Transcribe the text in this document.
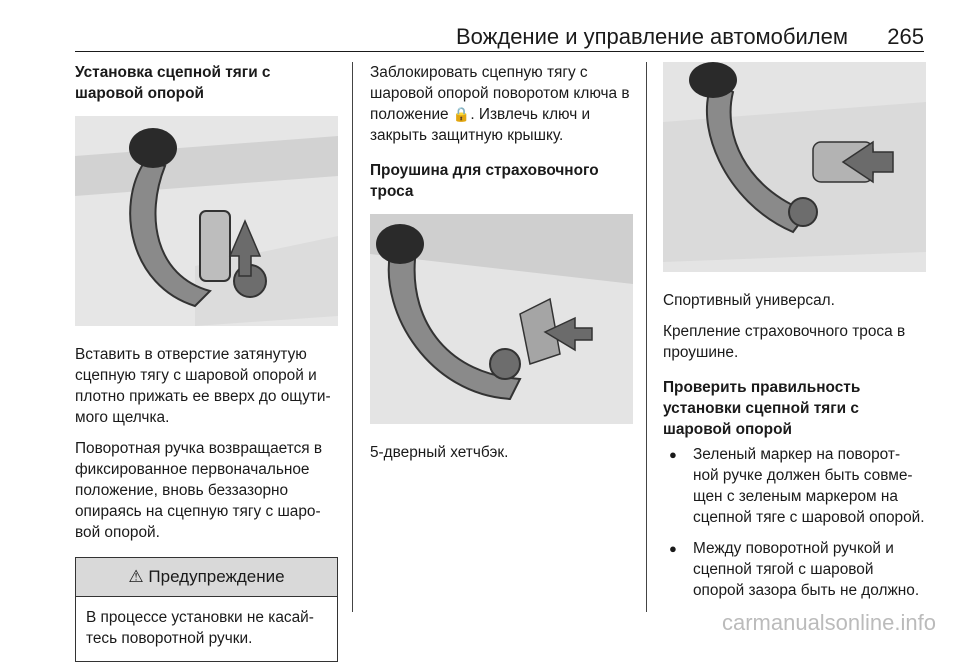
Вождение и управление автомобилем 265
Установка сцепной тяги с шаровой опорой

Вставить в отверстие затянутую сцепную тягу с шаровой опорой и плотно прижать ее вверх до ощути-мого щелчка.

Поворотная ручка возвращается в фиксированное первоначальное положение, вновь беззазорно опираясь на сцепную тягу с шаро-вой опорой.

⚠ Предупреждение
В процессе установки не касай-тесь поворотной ручки.

Заблокировать сцепную тягу с шаровой опорой поворотом ключа в положение 🔒. Извлечь ключ и закрыть защитную крышку.

Проушина для страховочного троса

5-дверный хетчбэк.

Спортивный универсал.

Крепление страховочного троса в проушине.

Проверить правильность установки сцепной тяги с шаровой опорой
● Зеленый маркер на поворот-ной ручке должен быть совме-щен с зеленым маркером на сцепной тяге с шаровой опорой.
● Между поворотной ручкой и сцепной тягой с шаровой опорой зазора быть не должно.
carmanualsonline.info
